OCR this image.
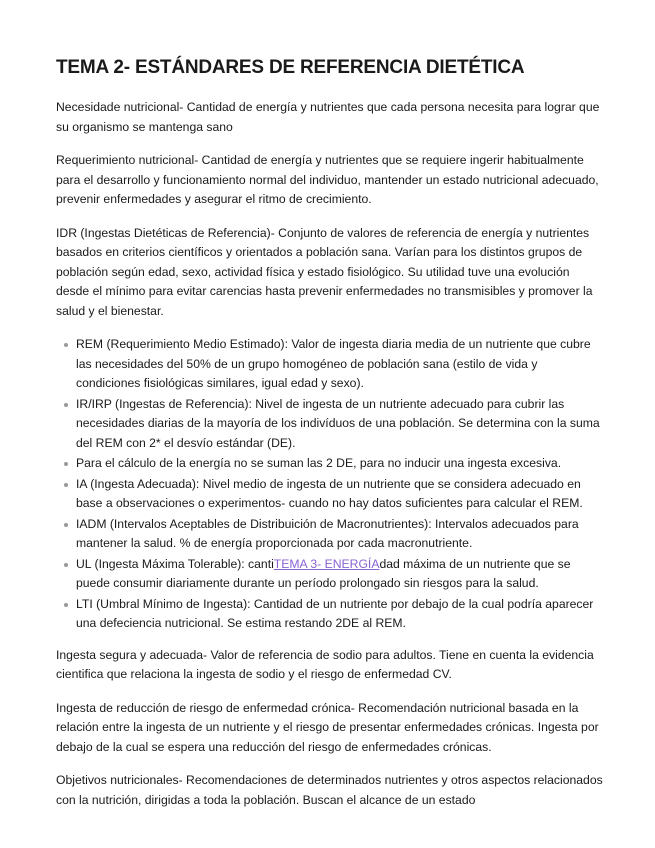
TEMA 2- ESTÁNDARES DE REFERENCIA DIETÉTICA

Necesidade nutricional- Cantidad de energía y nutrientes que cada persona necesita para lograr que su organismo se mantenga sano

Requerimiento nutricional- Cantidad de energía y nutrientes que se requiere ingerir habitualmente para el desarrollo y funcionamiento normal del individuo, mantender un estado nutricional adecuado, prevenir enfermedades y asegurar el ritmo de crecimiento.

IDR (Ingestas Dietéticas de Referencia)- Conjunto de valores de referencia de energía y nutrientes basados en criterios científicos y orientados a población sana. Varían para los distintos grupos de población según edad, sexo, actividad física y estado fisiológico. Su utilidad tuve una evolución desde el mínimo para evitar carencias hasta prevenir enfermedades no transmisibles y promover la salud y el bienestar.

REM (Requerimiento Medio Estimado): Valor de ingesta diaria media de un nutriente que cubre las necesidades del 50% de un grupo homogéneo de población sana (estilo de vida y condiciones fisiológicas similares, igual edad y sexo).
IR/IRP (Ingestas de Referencia): Nivel de ingesta de un nutriente adecuado para cubrir las necesidades diarias de la mayoría de los indivíduos de una población. Se determina con la suma del REM con 2* el desvío estándar (DE).
Para el cálculo de la energía no se suman las 2 DE, para no inducir una ingesta excesiva.
IA (Ingesta Adecuada): Nivel medio de ingesta de un nutriente que se considera adecuado en base a observaciones o experimentos- cuando no hay datos suficientes para calcular el REM.
IADM (Intervalos Aceptables de Distribuición de Macronutrientes): Intervalos adecuados para mantener la salud. % de energía proporcionada por cada macronutriente.
UL (Ingesta Máxima Tolerable): cantiTEMA 3- ENERGÍAdad máxima de un nutriente que se puede consumir diariamente durante un período prolongado sin riesgos para la salud.
LTI (Umbral Mínimo de Ingesta): Cantidad de un nutriente por debajo de la cual podría aparecer una defeciencia nutricional. Se estima restando 2DE al REM.

Ingesta segura y adecuada- Valor de referencia de sodio para adultos. Tiene en cuenta la evidencia cientifica que relaciona la ingesta de sodio y el riesgo de enfermedad CV.

Ingesta de reducción de riesgo de enfermedad crónica- Recomendación nutricional basada en la relación entre la ingesta de un nutriente y el riesgo de presentar enfermedades crónicas. Ingesta por debajo de la cual se espera una reducción del riesgo de enfermedades crónicas.

Objetivos nutricionales- Recomendaciones de determinados nutrientes y otros aspectos relacionados con la nutrición, dirigidas a toda la población. Buscan el alcance de un estado
